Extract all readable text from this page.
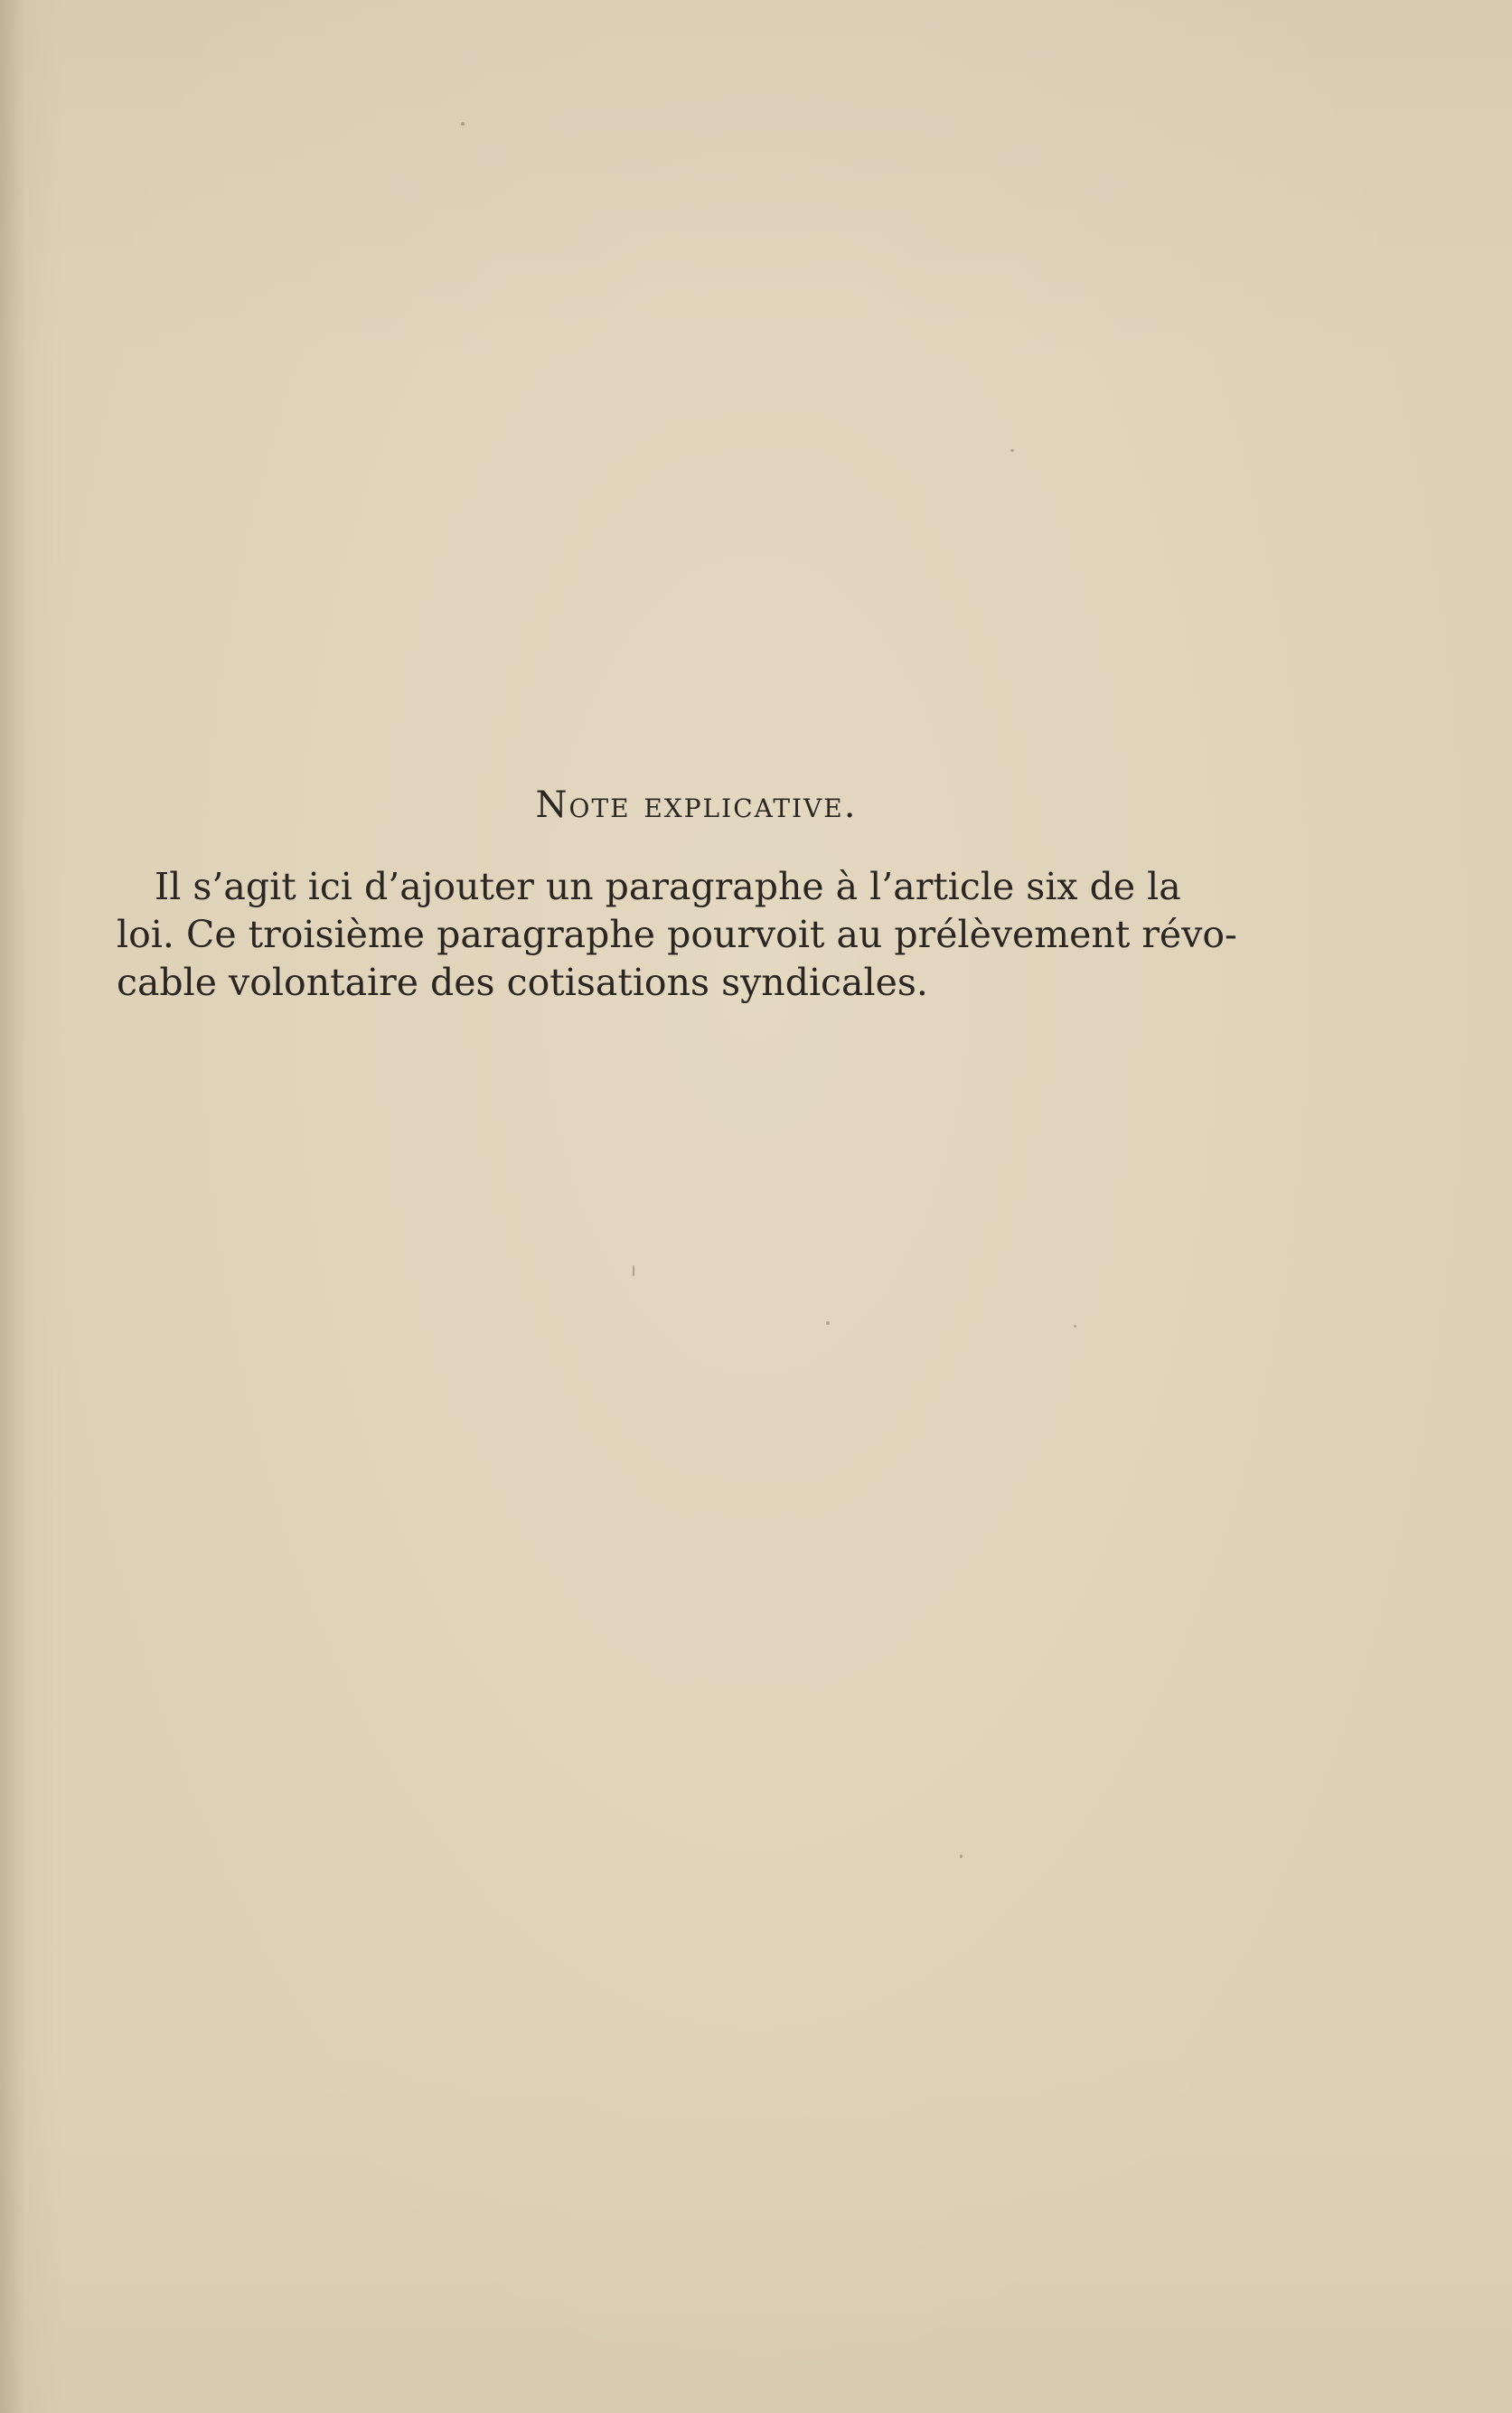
Note explicative.
Il s’agit ici d’ajouter un paragraphe à l’article six de la
loi. Ce troisième paragraphe pourvoit au prélèvement révo-
cable volontaire des cotisations syndicales.
